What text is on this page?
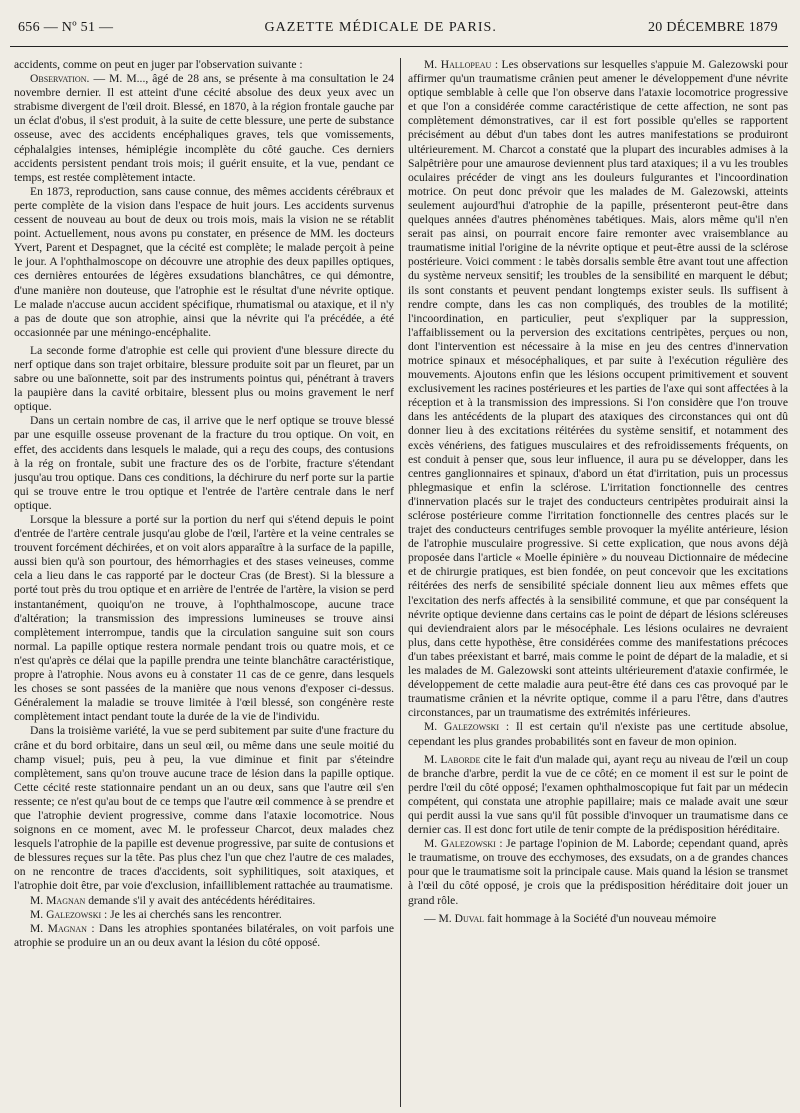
656 — Nº 51 —	GAZETTE MÉDICALE DE PARIS.	20 DÉCEMBRE 1879

accidents, comme on peut en juger par l'observation suivante :

Observation. — M. M..., âgé de 28 ans, se présente à ma consultation le 24 novembre dernier. Il est atteint d'une cécité absolue des deux yeux avec un strabisme divergent de l'œil droit. Blessé, en 1870, à la région frontale gauche par un éclat d'obus, il s'est produit, à la suite de cette blessure, une perte de substance osseuse, avec des accidents encéphaliques graves, tels que vomissements, céphalalgies intenses, hémiplégie incomplète du côté gauche. Ces derniers accidents persistent pendant trois mois; il guérit ensuite, et la vue, pendant ce temps, est restée complètement intacte.

En 1873, reproduction, sans cause connue, des mêmes accidents cérébraux et perte complète de la vision dans l'espace de huit jours. Les accidents survenus cessent de nouveau au bout de deux ou trois mois, mais la vision ne se rétablit point. Actuellement, nous avons pu constater, en présence de MM. les docteurs Yvert, Parent et Despagnet, que la cécité est complète; le malade perçoit à peine le jour. A l'ophthalmoscope on découvre une atrophie des deux papilles optiques, ces dernières entourées de légères exsudations blanchâtres, ce qui démontre, d'une manière non douteuse, que l'atrophie est le résultat d'une névrite optique. Le malade n'accuse aucun accident spécifique, rhumatismal ou ataxique, et il n'y a pas de doute que son atrophie, ainsi que la névrite qui l'a précédée, a été occasionnée par une méningo-encéphalite.

La seconde forme d'atrophie est celle qui provient d'une blessure directe du nerf optique dans son trajet orbitaire, blessure produite soit par un fleuret, par un sabre ou une baïonnette, soit par des instruments pointus qui, pénétrant à travers la paupière dans la cavité orbitaire, blessent plus ou moins gravement le nerf optique.

Dans un certain nombre de cas, il arrive que le nerf optique se trouve blessé par une esquille osseuse provenant de la fracture du trou optique. On voit, en effet, des accidents dans lesquels le malade, qui a reçu des coups, des contusions à la rég on frontale, subit une fracture des os de l'orbite, fracture s'étendant jusqu'au trou optique. Dans ces conditions, la déchirure du nerf porte sur la partie qui se trouve entre le trou optique et l'entrée de l'artère centrale dans le nerf optique.

Lorsque la blessure a porté sur la portion du nerf qui s'étend depuis le point d'entrée de l'artère centrale jusqu'au globe de l'œil, l'artère et la veine centrales se trouvent forcément déchirées, et on voit alors apparaître à la surface de la papille, aussi bien qu'à son pourtour, des hémorrhagies et des stases veineuses, comme cela a lieu dans le cas rapporté par le docteur Cras (de Brest). Si la blessure a porté tout près du trou optique et en arrière de l'entrée de l'artère, la vision se perd instantanément, quoiqu'on ne trouve, à l'ophthalmoscope, aucune trace d'altération; la transmission des impressions lumineuses se trouve ainsi complètement interrompue, tandis que la circulation sanguine suit son cours normal. La papille optique restera normale pendant trois ou quatre mois, et ce n'est qu'après ce délai que la papille prendra une teinte blanchâtre caractéristique, propre à l'atrophie. Nous avons eu à constater 11 cas de ce genre, dans lesquels les choses se sont passées de la manière que nous venons d'exposer ci-dessus. Généralement la maladie se trouve limitée à l'œil blessé, son congénère reste complètement intact pendant toute la durée de la vie de l'individu.

Dans la troisième variété, la vue se perd subitement par suite d'une fracture du crâne et du bord orbitaire, dans un seul œil, ou même dans une seule moitié du champ visuel; puis, peu à peu, la vue diminue et finit par s'éteindre complètement, sans qu'on trouve aucune trace de lésion dans la papille optique. Cette cécité reste stationnaire pendant un an ou deux, sans que l'autre œil s'en ressente; ce n'est qu'au bout de ce temps que l'autre œil commence à se prendre et que l'atrophie devient progressive, comme dans l'ataxie locomotrice. Nous soignons en ce moment, avec M. le professeur Charcot, deux malades chez lesquels l'atrophie de la papille est devenue progressive, par suite de contusions et de blessures reçues sur la tête. Pas plus chez l'un que chez l'autre de ces malades, on ne rencontre de traces d'accidents, soit syphilitiques, soit ataxiques, et l'atrophie doit être, par voie d'exclusion, infailliblement rattachée au traumatisme.

M. Magnan demande s'il y avait des antécédents héréditaires.

M. Galezowski : Je les ai cherchés sans les rencontrer.

M. Magnan : Dans les atrophies spontanées bilatérales, on voit parfois une atrophie se produire un an ou deux avant la lésion du côté opposé.

M. Hallopeau : Les observations sur lesquelles s'appuie M. Galezowski pour affirmer qu'un traumatisme crânien peut amener le développement d'une névrite optique semblable à celle que l'on observe dans l'ataxie locomotrice progressive et que l'on a considérée comme caractéristique de cette affection, ne sont pas complètement démonstratives, car il est fort possible qu'elles se rapportent précisément au début d'un tabes dont les autres manifestations se produiront ultérieurement. M. Charcot a constaté que la plupart des incurables admises à la Salpêtrière pour une amaurose deviennent plus tard ataxiques; il a vu les troubles oculaires précéder de vingt ans les douleurs fulgurantes et l'incoordination motrice. On peut donc prévoir que les malades de M. Galezowski, atteints seulement aujourd'hui d'atrophie de la papille, présenteront peut-être dans quelques années d'autres phénomènes tabétiques. Mais, alors même qu'il n'en serait pas ainsi, on pourrait encore faire remonter avec vraisemblance au traumatisme initial l'origine de la névrite optique et peut-être aussi de la sclérose postérieure. Voici comment : le tabès dorsalis semble être avant tout une affection du système nerveux sensitif; les troubles de la sensibilité en marquent le début; ils sont constants et peuvent pendant longtemps exister seuls. Ils suffisent à rendre compte, dans les cas non compliqués, des troubles de la motilité; l'incoordination, en particulier, peut s'expliquer par la suppression, l'affaiblissement ou la perversion des excitations centripètes, perçues ou non, dont l'intervention est nécessaire à la mise en jeu des centres d'innervation motrice spinaux et mésocéphaliques, et par suite à l'exécution régulière des mouvements. Ajoutons enfin que les lésions occupent primitivement et souvent exclusivement les racines postérieures et les parties de l'axe qui sont affectées à la réception et à la transmission des impressions. Si l'on considère que l'on trouve dans les antécédents de la plupart des ataxiques des circonstances qui ont dû donner lieu à des excitations réitérées du système sensitif, et notamment des excès vénériens, des fatigues musculaires et des refroidissements fréquents, on est conduit à penser que, sous leur influence, il aura pu se développer, dans les centres ganglionnaires et spinaux, d'abord un état d'irritation, puis un processus phlegmasique et enfin la sclérose. L'irritation fonctionnelle des centres d'innervation placés sur le trajet des conducteurs centripètes produirait ainsi la sclérose postérieure comme l'irritation fonctionnelle des centres placés sur le trajet des conducteurs centrifuges semble provoquer la myélite antérieure, lésion de l'atrophie musculaire progressive. Si cette explication, que nous avons déjà proposée dans l'article « Moelle épinière » du nouveau Dictionnaire de médecine et de chirurgie pratiques, est bien fondée, on peut concevoir que les excitations réitérées des nerfs de sensibilité spéciale donnent lieu aux mêmes effets que l'excitation des nerfs affectés à la sensibilité commune, et que par conséquent la névrite optique devienne dans certains cas le point de départ de lésions scléreuses qui deviendraient alors par le mésocéphale. Les lésions oculaires ne devraient plus, dans cette hypothèse, être considérées comme des manifestations précoces d'un tabes préexistant et barré, mais comme le point de départ de la maladie, et si les malades de M. Galezowski sont atteints ultérieurement d'ataxie confirmée, le développement de cette maladie aura peut-être été dans ces cas provoqué par le traumatisme crânien et la névrite optique, comme il a paru l'être, dans d'autres circonstances, par un traumatisme des extrémités inférieures.

M. Galezowski : Il est certain qu'il n'existe pas une certitude absolue, cependant les plus grandes probabilités sont en faveur de mon opinion.

M. Laborde cite le fait d'un malade qui, ayant reçu au niveau de l'œil un coup de branche d'arbre, perdit la vue de ce côté; en ce moment il est sur le point de perdre l'œil du côté opposé; l'examen ophthalmoscopique fut fait par un médecin compétent, qui constata une atrophie papillaire; mais ce malade avait une sœur qui perdit aussi la vue sans qu'il fût possible d'invoquer un traumatisme dans ce dernier cas. Il est donc fort utile de tenir compte de la prédisposition héréditaire.

M. Galezowski : Je partage l'opinion de M. Laborde; cependant quand, après le traumatisme, on trouve des ecchymoses, des exsudats, on a de grandes chances pour que le traumatisme soit la principale cause. Mais quand la lésion se transmet à l'œil du côté opposé, je crois que la prédisposition héréditaire doit jouer un grand rôle.

— M. Duval fait hommage à la Société d'un nouveau mémoire
